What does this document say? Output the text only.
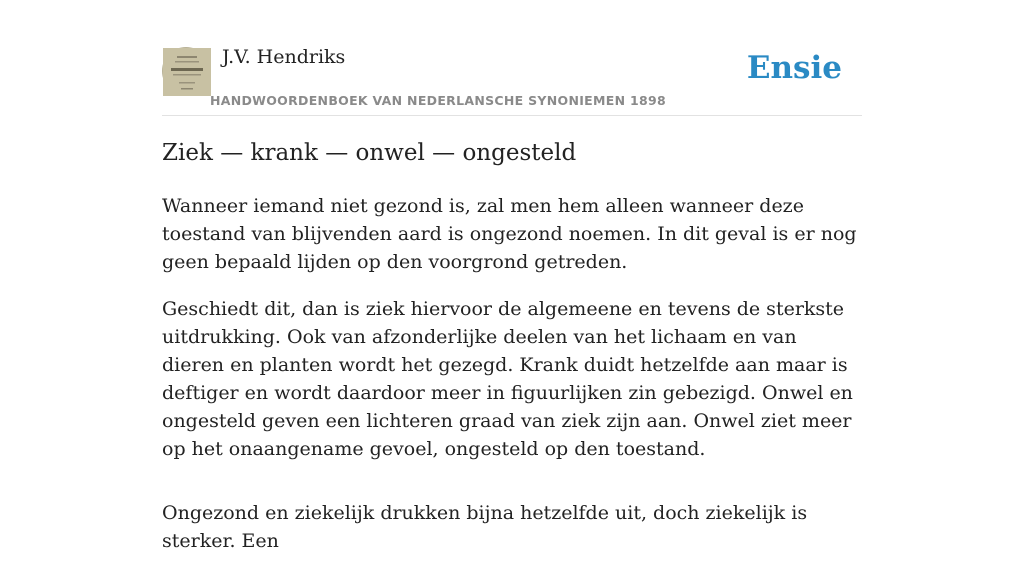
J.V. Hendriks
HANDWOORDENBOEK VAN NEDERLANSCHE SYNONIEMEN 1898
Ensie
Ziek — krank — onwel — ongesteld

Wanneer iemand niet gezond is, zal men hem alleen wanneer deze toestand van blijvenden aard is ongezond noemen. In dit geval is er nog geen bepaald lijden op den voorgrond getreden.

Geschiedt dit, dan is ziek hiervoor de algemeene en tevens de sterkste uitdrukking. Ook van afzonderlijke deelen van het lichaam en van dieren en planten wordt het gezegd. Krank duidt hetzelfde aan maar is deftiger en wordt daardoor meer in figuurlijken zin gebezigd. Onwel en ongesteld geven een lichteren graad van ziek zijn aan. Onwel ziet meer op het onaangename gevoel, ongesteld op den toestand.

Ongezond en ziekelijk drukken bijna hetzelfde uit, doch ziekelijk is sterker. Een
